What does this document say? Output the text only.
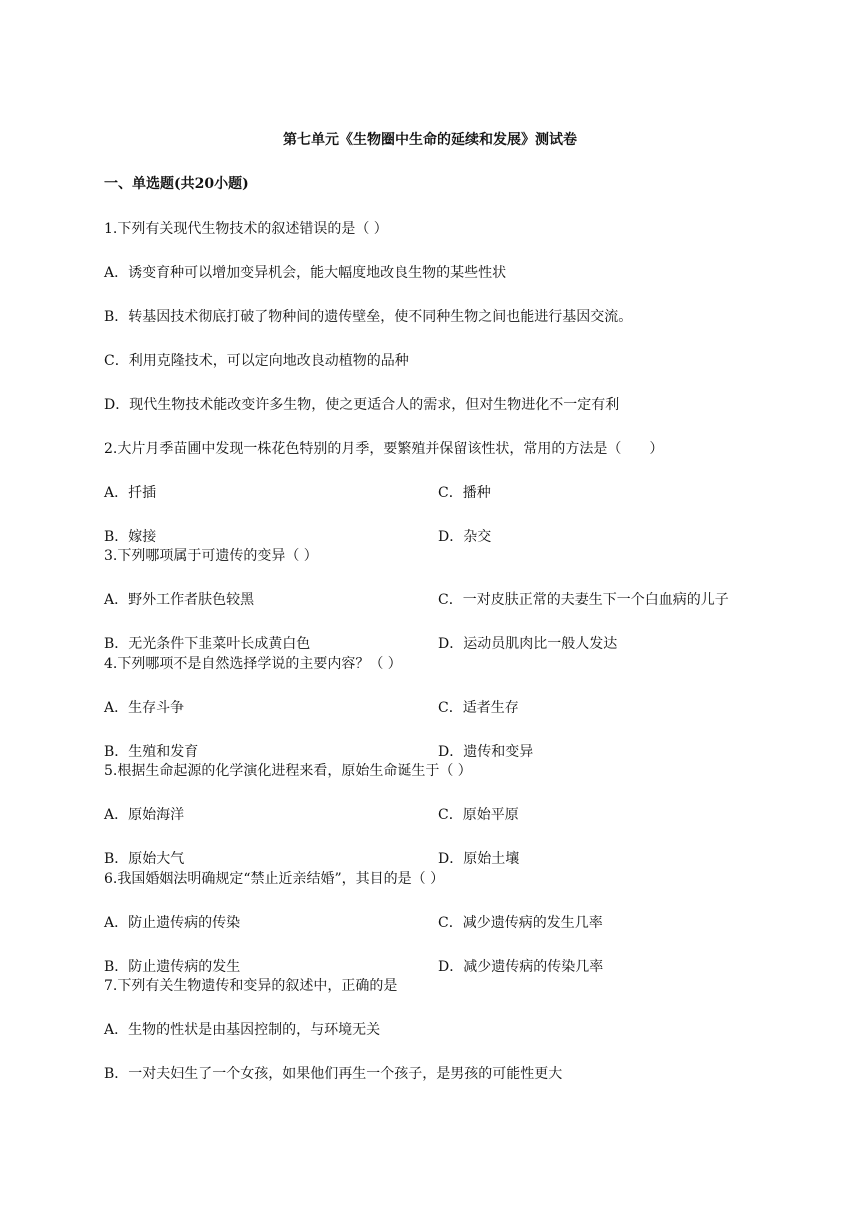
第七单元《生物圈中生命的延续和发展》测试卷
一、单选题(共20小题)
1.下列有关现代生物技术的叙述错误的是（ ）
A．诱变育种可以增加变异机会，能大幅度地改良生物的某些性状
B．转基因技术彻底打破了物种间的遗传壁垒，使不同种生物之间也能进行基因交流。
C．利用克隆技术，可以定向地改良动植物的品种
D．现代生物技术能改变许多生物，使之更适合人的需求，但对生物进化不一定有利
2.大片月季苗圃中发现一株花色特别的月季，要繁殖并保留该性状，常用的方法是（　　）
A．扦插	C．播种
B．嫁接	D．杂交
3.下列哪项属于可遗传的变异（ ）
A．野外工作者肤色较黑	C．一对皮肤正常的夫妻生下一个白血病的儿子
B．无光条件下韭菜叶长成黄白色	D．运动员肌肉比一般人发达
4.下列哪项不是自然选择学说的主要内容？（ ）
A．生存斗争	C．适者生存
B．生殖和发育	D．遗传和变异
5.根据生命起源的化学演化进程来看，原始生命诞生于（ ）
A．原始海洋	C．原始平原
B．原始大气	D．原始土壤
6.我国婚姻法明确规定“禁止近亲结婚”，其目的是（ ）
A．防止遗传病的传染	C．减少遗传病的发生几率
B．防止遗传病的发生	D．减少遗传病的传染几率
7.下列有关生物遗传和变异的叙述中，正确的是
A．生物的性状是由基因控制的，与环境无关
B．一对夫妇生了一个女孩，如果他们再生一个孩子，是男孩的可能性更大
